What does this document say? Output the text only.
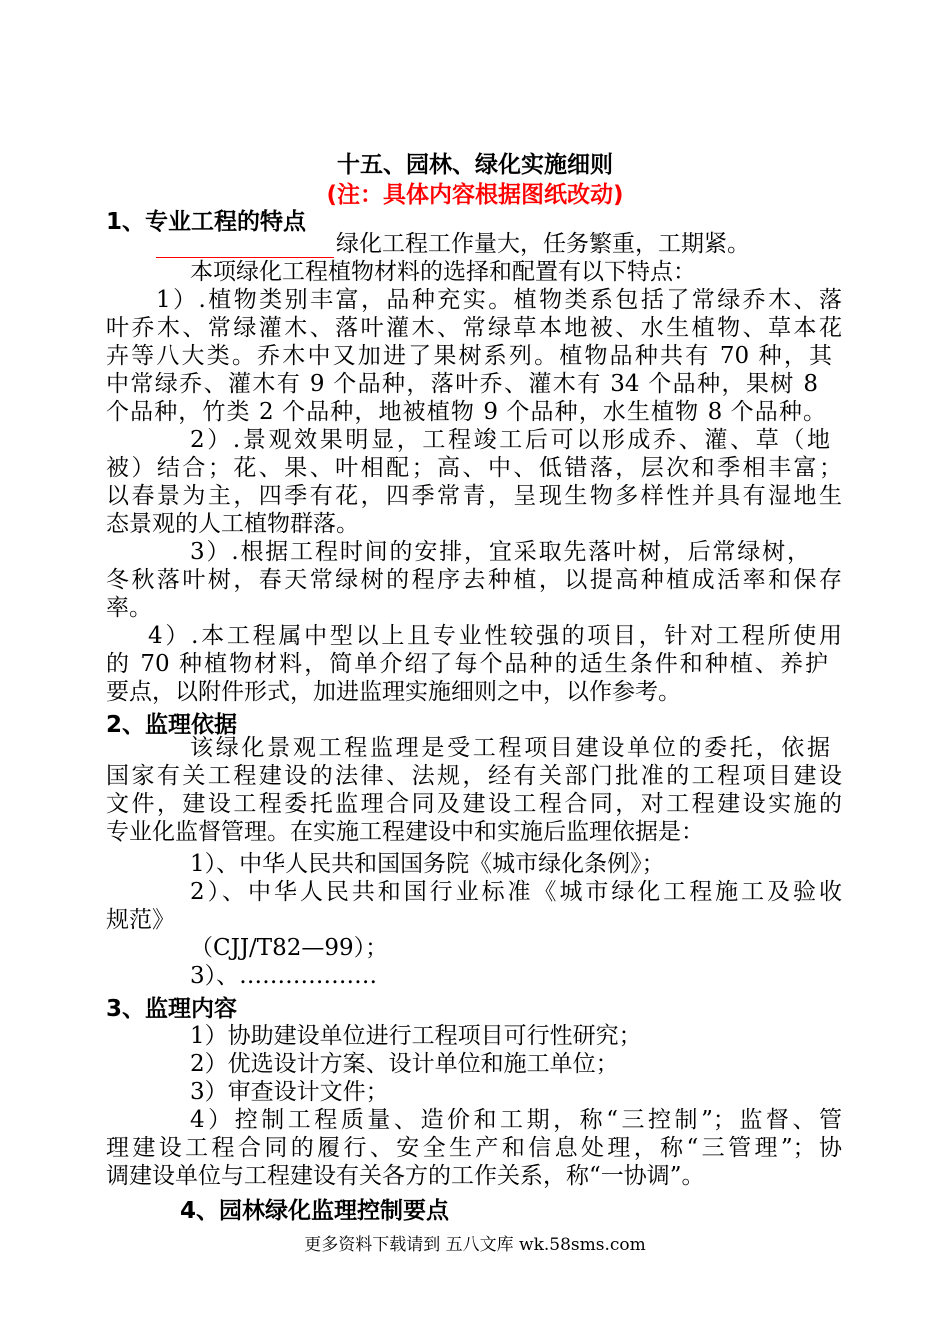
十五、园林、绿化实施细则
(注：具体内容根据图纸改动)
1、专业工程的特点
绿化工程工作量大，任务繁重，工期紧。
本项绿化工程植物材料的选择和配置有以下特点：
1）.植物类别丰富，品种充实。植物类系包括了常绿乔木、落
叶乔木、常绿灌木、落叶灌木、常绿草本地被、水生植物、草本花
卉等八大类。乔木中又加进了果树系列。植物品种共有 70 种，其
中常绿乔、灌木有 9 个品种，落叶乔、灌木有 34 个品种，果树 8
个品种，竹类 2 个品种，地被植物 9 个品种，水生植物 8 个品种。
2）.景观效果明显，工程竣工后可以形成乔、灌、草（地
被）结合；花、果、叶相配；高、中、低错落，层次和季相丰富；
以春景为主，四季有花，四季常青，呈现生物多样性并具有湿地生
态景观的人工植物群落。
3）.根据工程时间的安排，宜采取先落叶树，后常绿树，
冬秋落叶树，春天常绿树的程序去种植，以提高种植成活率和保存
率。
4）.本工程属中型以上且专业性较强的项目，针对工程所使用
的 70 种植物材料，简单介绍了每个品种的适生条件和种植、养护
要点，以附件形式，加进监理实施细则之中，以作参考。
2、监理依据
该绿化景观工程监理是受工程项目建设单位的委托，依据
国家有关工程建设的法律、法规，经有关部门批准的工程项目建设
文件，建设工程委托监理合同及建设工程合同，对工程建设实施的
专业化监督管理。在实施工程建设中和实施后监理依据是：
1）、中华人民共和国国务院《城市绿化条例》；
2）、中华人民共和国行业标准《城市绿化工程施工及验收
规范》
（CJJ/T82—99）；
3）、………………
3、监理内容
1）协助建设单位进行工程项目可行性研究；
2）优选设计方案、设计单位和施工单位；
3）审查设计文件；
4）控制工程质量、造价和工期，称“三控制”；监督、管
理建设工程合同的履行、安全生产和信息处理，称“三管理”；协
调建设单位与工程建设有关各方的工作关系，称“一协调”。
4、园林绿化监理控制要点
更多资料下载请到 五八文库 wk.58sms.com
